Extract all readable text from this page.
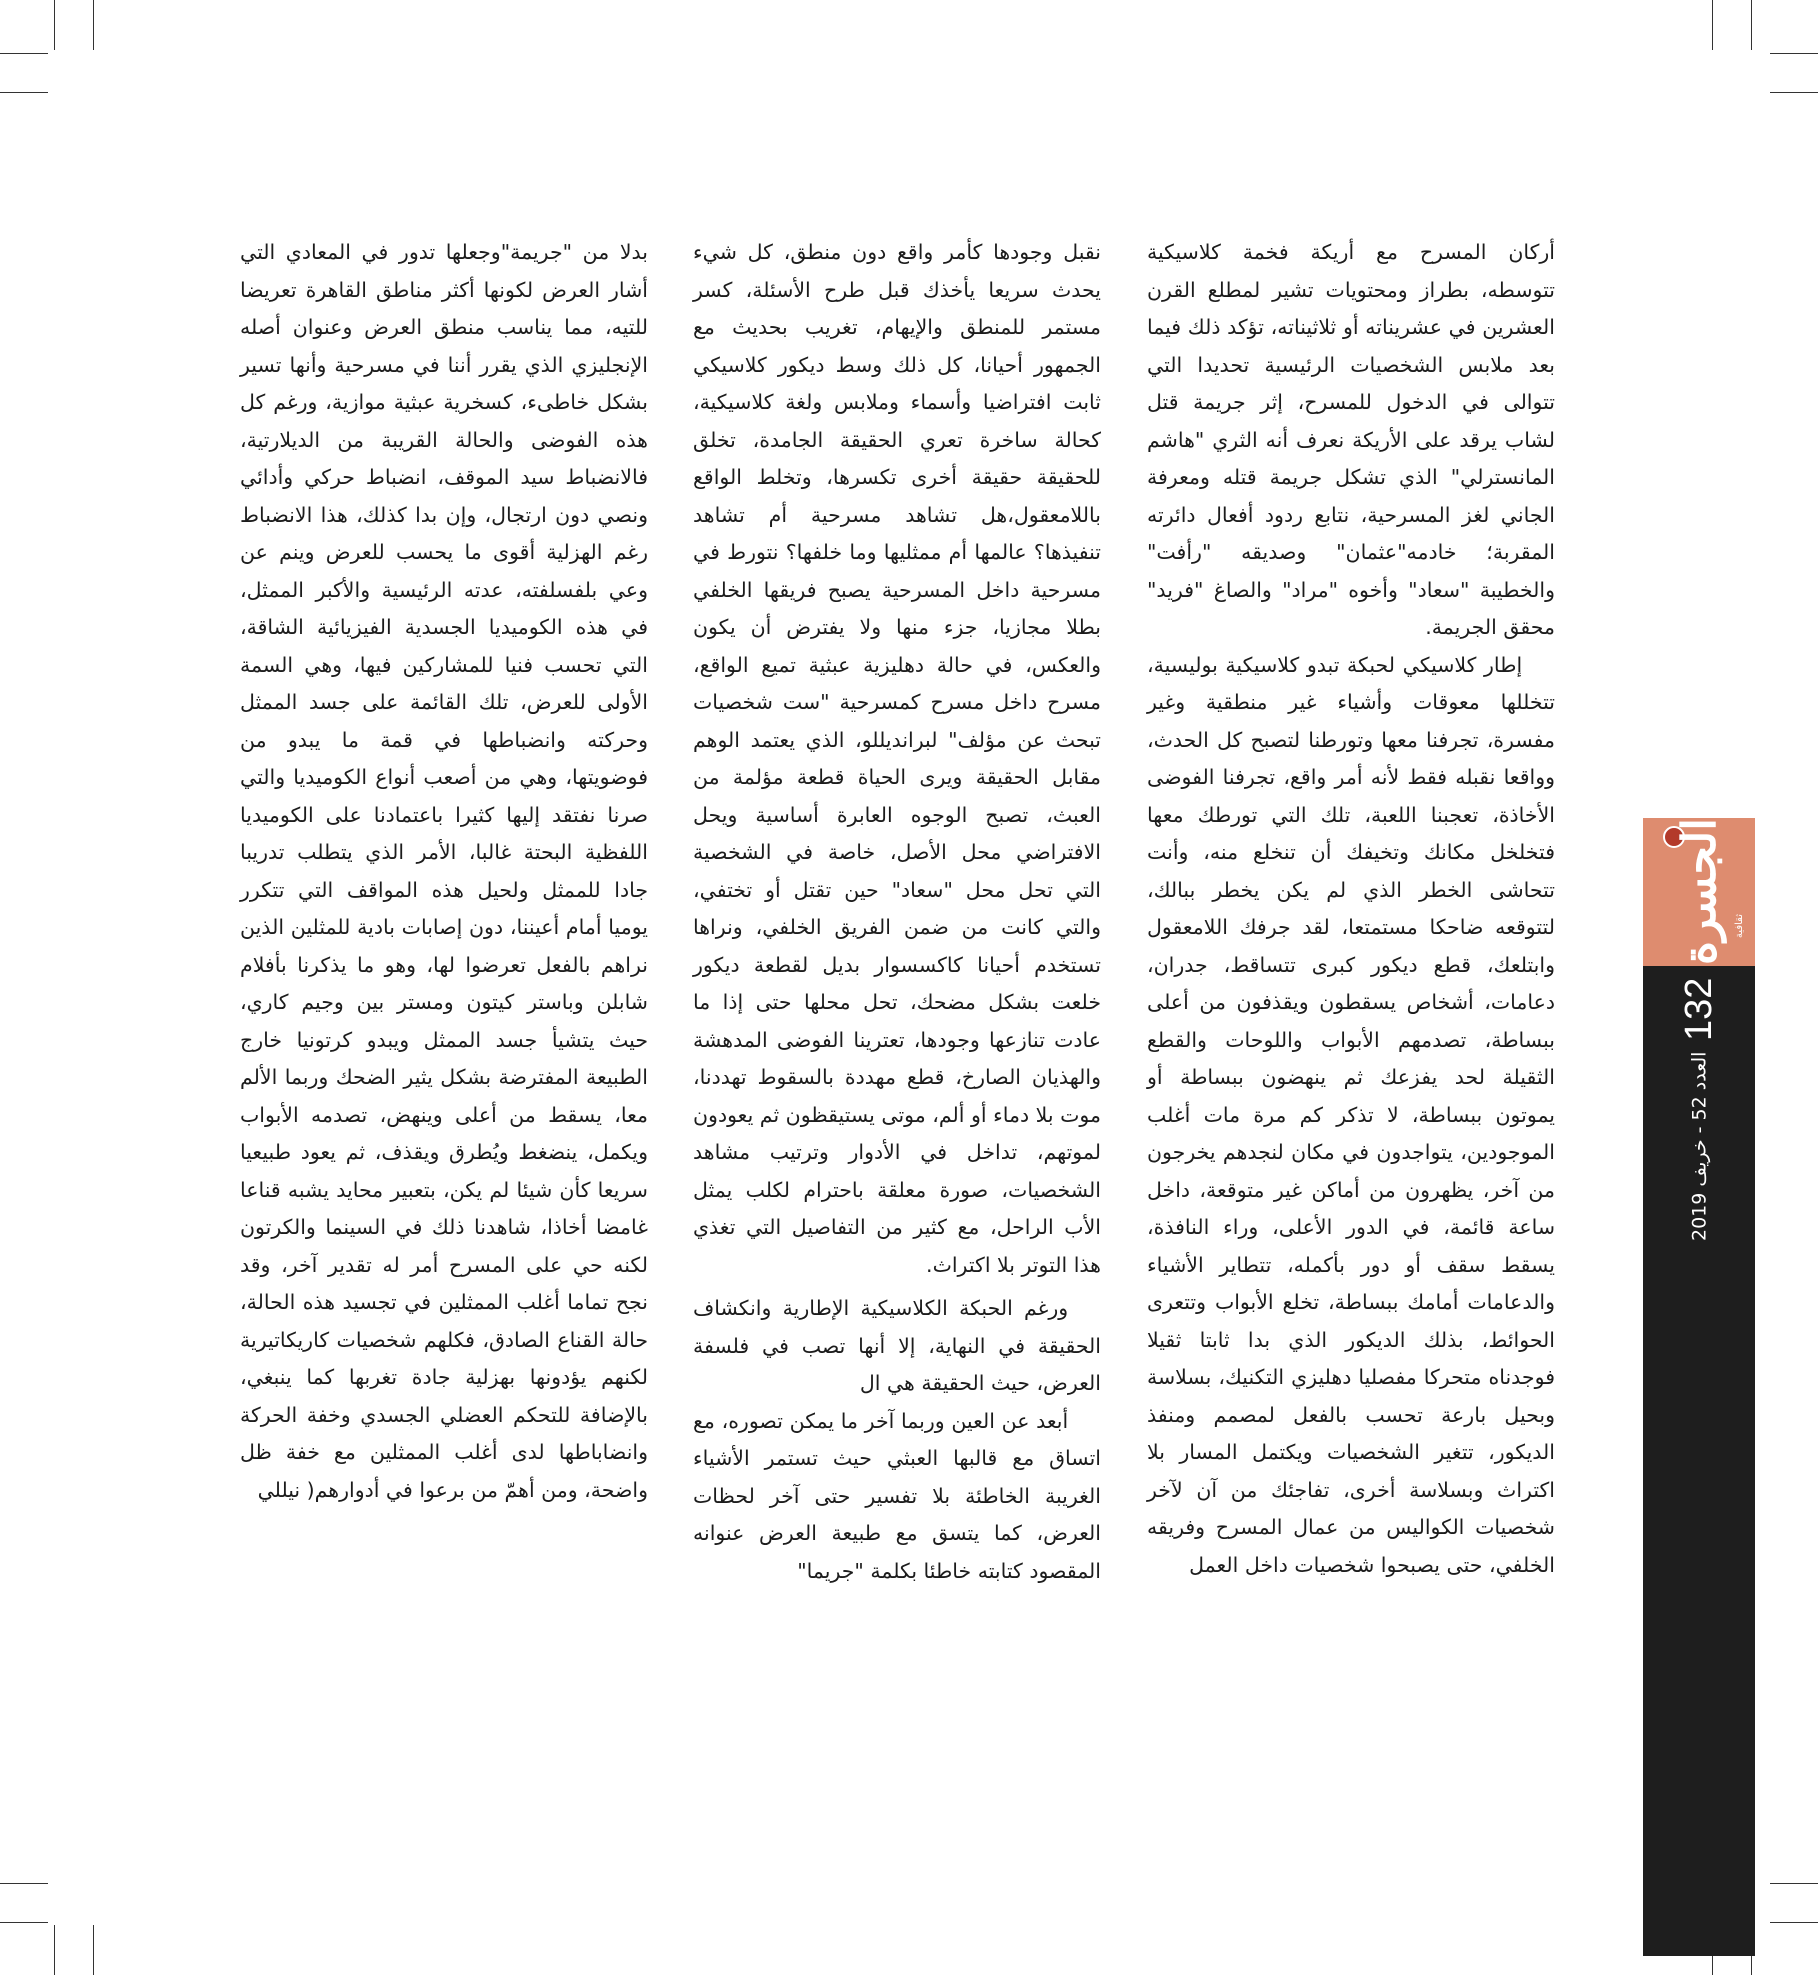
أركان المسرح مع أريكة فخمة كلاسيكية تتوسطه، بطراز ومحتويات تشير لمطلع القرن العشرين في عشريناته أو ثلاثيناته، تؤكد ذلك فيما بعد ملابس الشخصيات الرئيسية تحديدا التي تتوالى في الدخول للمسرح، إثر جريمة قتل لشاب يرقد على الأريكة نعرف أنه الثري "هاشم المانسترلي" الذي تشكل جريمة قتله ومعرفة الجاني لغز المسرحية، نتابع ردود أفعال دائرته المقربة؛ خادمه"عثمان" وصديقه "رأفت" والخطيبة "سعاد" وأخوه "مراد" والصاغ "فريد" محقق الجريمة.

إطار كلاسيكي لحبكة تبدو كلاسيكية بوليسية، تتخللها معوقات وأشياء غير منطقية وغير مفسرة، تجرفنا معها وتورطنا لتصبح كل الحدث، وواقعا نقبله فقط لأنه أمر واقع، تجرفنا الفوضى الأخاذة، تعجبنا اللعبة، تلك التي تورطك معها فتخلخل مكانك وتخيفك أن تنخلع منه، وأنت تتحاشى الخطر الذي لم يكن يخطر ببالك، لتتوقعه ضاحكا مستمتعا، لقد جرفك اللامعقول وابتلعك، قطع ديكور كبرى تتساقط، جدران، دعامات، أشخاص يسقطون ويقذفون من أعلى ببساطة، تصدمهم الأبواب واللوحات والقطع الثقيلة لحد يفزعك ثم ينهضون ببساطة أو يموتون ببساطة، لا تذكر كم مرة مات أغلب الموجودين، يتواجدون في مكان لنجدهم يخرجون من آخر، يظهرون من أماكن غير متوقعة، داخل ساعة قائمة، في الدور الأعلى، وراء النافذة، يسقط سقف أو دور بأكمله، تتطاير الأشياء والدعامات أمامك ببساطة، تخلع الأبواب وتتعرى الحوائط، بذلك الديكور الذي بدا ثابتا ثقيلا فوجدناه متحركا مفصليا دهليزي التكنيك، بسلاسة وبحيل بارعة تحسب بالفعل لمصمم ومنفذ الديكور، تتغير الشخصيات ويكتمل المسار بلا اكتراث وبسلاسة أخرى، تفاجئك من آن لآخر شخصيات الكواليس من عمال المسرح وفريقه الخلفي، حتى يصبحوا شخصيات داخل العمل

نقبل وجودها كأمر واقع دون منطق، كل شيء يحدث سريعا يأخذك قبل طرح الأسئلة، كسر مستمر للمنطق والإيهام، تغريب بحديث مع الجمهور أحيانا، كل ذلك وسط ديكور كلاسيكي ثابت افتراضيا وأسماء وملابس ولغة كلاسيكية، كحالة ساخرة تعري الحقيقة الجامدة، تخلق للحقيقة حقيقة أخرى تكسرها، وتخلط الواقع باللامعقول،هل تشاهد مسرحية أم تشاهد تنفيذها؟ عالمها أم ممثليها وما خلفها؟ نتورط في مسرحية داخل المسرحية يصبح فريقها الخلفي بطلا مجازيا، جزء منها ولا يفترض أن يكون والعكس، في حالة دهليزية عبثية تميع الواقع، مسرح داخل مسرح كمسرحية "ست شخصيات تبحث عن مؤلف" لبرانديللو، الذي يعتمد الوهم مقابل الحقيقة ويرى الحياة قطعة مؤلمة من العبث، تصبح الوجوه العابرة أساسية ويحل الافتراضي محل الأصل، خاصة في الشخصية التي تحل محل "سعاد" حين تقتل أو تختفي، والتي كانت من ضمن الفريق الخلفي، ونراها تستخدم أحيانا كاكسسوار بديل لقطعة ديكور خلعت بشكل مضحك، تحل محلها حتى إذا ما عادت تنازعها وجودها، تعترينا الفوضى المدهشة والهذيان الصارخ، قطع مهددة بالسقوط تهددنا، موت بلا دماء أو ألم، موتى يستيقظون ثم يعودون لموتهم، تداخل في الأدوار وترتيب مشاهد الشخصيات، صورة معلقة باحترام لكلب يمثل الأب الراحل، مع كثير من التفاصيل التي تغذي هذا التوتر بلا اكتراث.

ورغم الحبكة الكلاسيكية الإطارية وانكشاف الحقيقة في النهاية، إلا أنها تصب في فلسفة العرض، حيث الحقيقة هي ال

أبعد عن العين وربما آخر ما يمكن تصوره، مع اتساق مع قالبها العبثي حيث تستمر الأشياء الغريبة الخاطئة بلا تفسير حتى آخر لحظات العرض، كما يتسق مع طبيعة العرض عنوانه المقصود كتابته خاطئا بكلمة "جريما"

بدلا من "جريمة"وجعلها تدور في المعادي التي أشار العرض لكونها أكثر مناطق القاهرة تعريضا للتيه، مما يناسب منطق العرض وعنوان أصله الإنجليزي الذي يقرر أننا في مسرحية وأنها تسير بشكل خاطىء، كسخرية عبثية موازية، ورغم كل هذه الفوضى والحالة القريبة من الديلارتية، فالانضباط سيد الموقف، انضباط حركي وأدائي ونصي دون ارتجال، وإن بدا كذلك، هذا الانضباط رغم الهزلية أقوى ما يحسب للعرض وينم عن وعي بلفسلفته، عدته الرئيسية والأكبر الممثل، في هذه الكوميديا الجسدية الفيزيائية الشاقة، التي تحسب فنيا للمشاركين فيها، وهي السمة الأولى للعرض، تلك القائمة على جسد الممثل وحركته وانضباطها في قمة ما يبدو من فوضويتها، وهي من أصعب أنواع الكوميديا والتي صرنا نفتقد إليها كثيرا باعتمادنا على الكوميديا اللفظية البحتة غالبا، الأمر الذي يتطلب تدريبا جادا للممثل ولحيل هذه المواقف التي تتكرر يوميا أمام أعيننا، دون إصابات بادية للمثلين الذين نراهم بالفعل تعرضوا لها، وهو ما يذكرنا بأفلام شابلن وباستر كيتون ومستر بين وجيم كاري، حيث يتشيأ جسد الممثل ويبدو كرتونيا خارج الطبيعة المفترضة بشكل يثير الضحك وربما الألم معا، يسقط من أعلى وينهض، تصدمه الأبواب ويكمل، ينضغط ويُطرق ويقذف، ثم يعود طبيعيا سريعا كأن شيئا لم يكن، بتعبير محايد يشبه قناعا غامضا أخاذا، شاهدنا ذلك في السينما والكرتون لكنه حي على المسرح أمر له تقدير آخر، وقد نجح تماما أغلب الممثلين في تجسيد هذه الحالة، حالة القناع الصادق، فكلهم شخصيات كاريكاتيرية لكنهم يؤدونها بهزلية جادة تغربها كما ينبغي، بالإضافة للتحكم العضلي الجسدي وخفة الحركة وانضاباطها لدى أغلب الممثلين مع خفة ظل واضحة، ومن أهمّ من برعوا في أدوارهم( نيللي

الجسرة ثقافية
العدد 52 - خريف 2019
132
